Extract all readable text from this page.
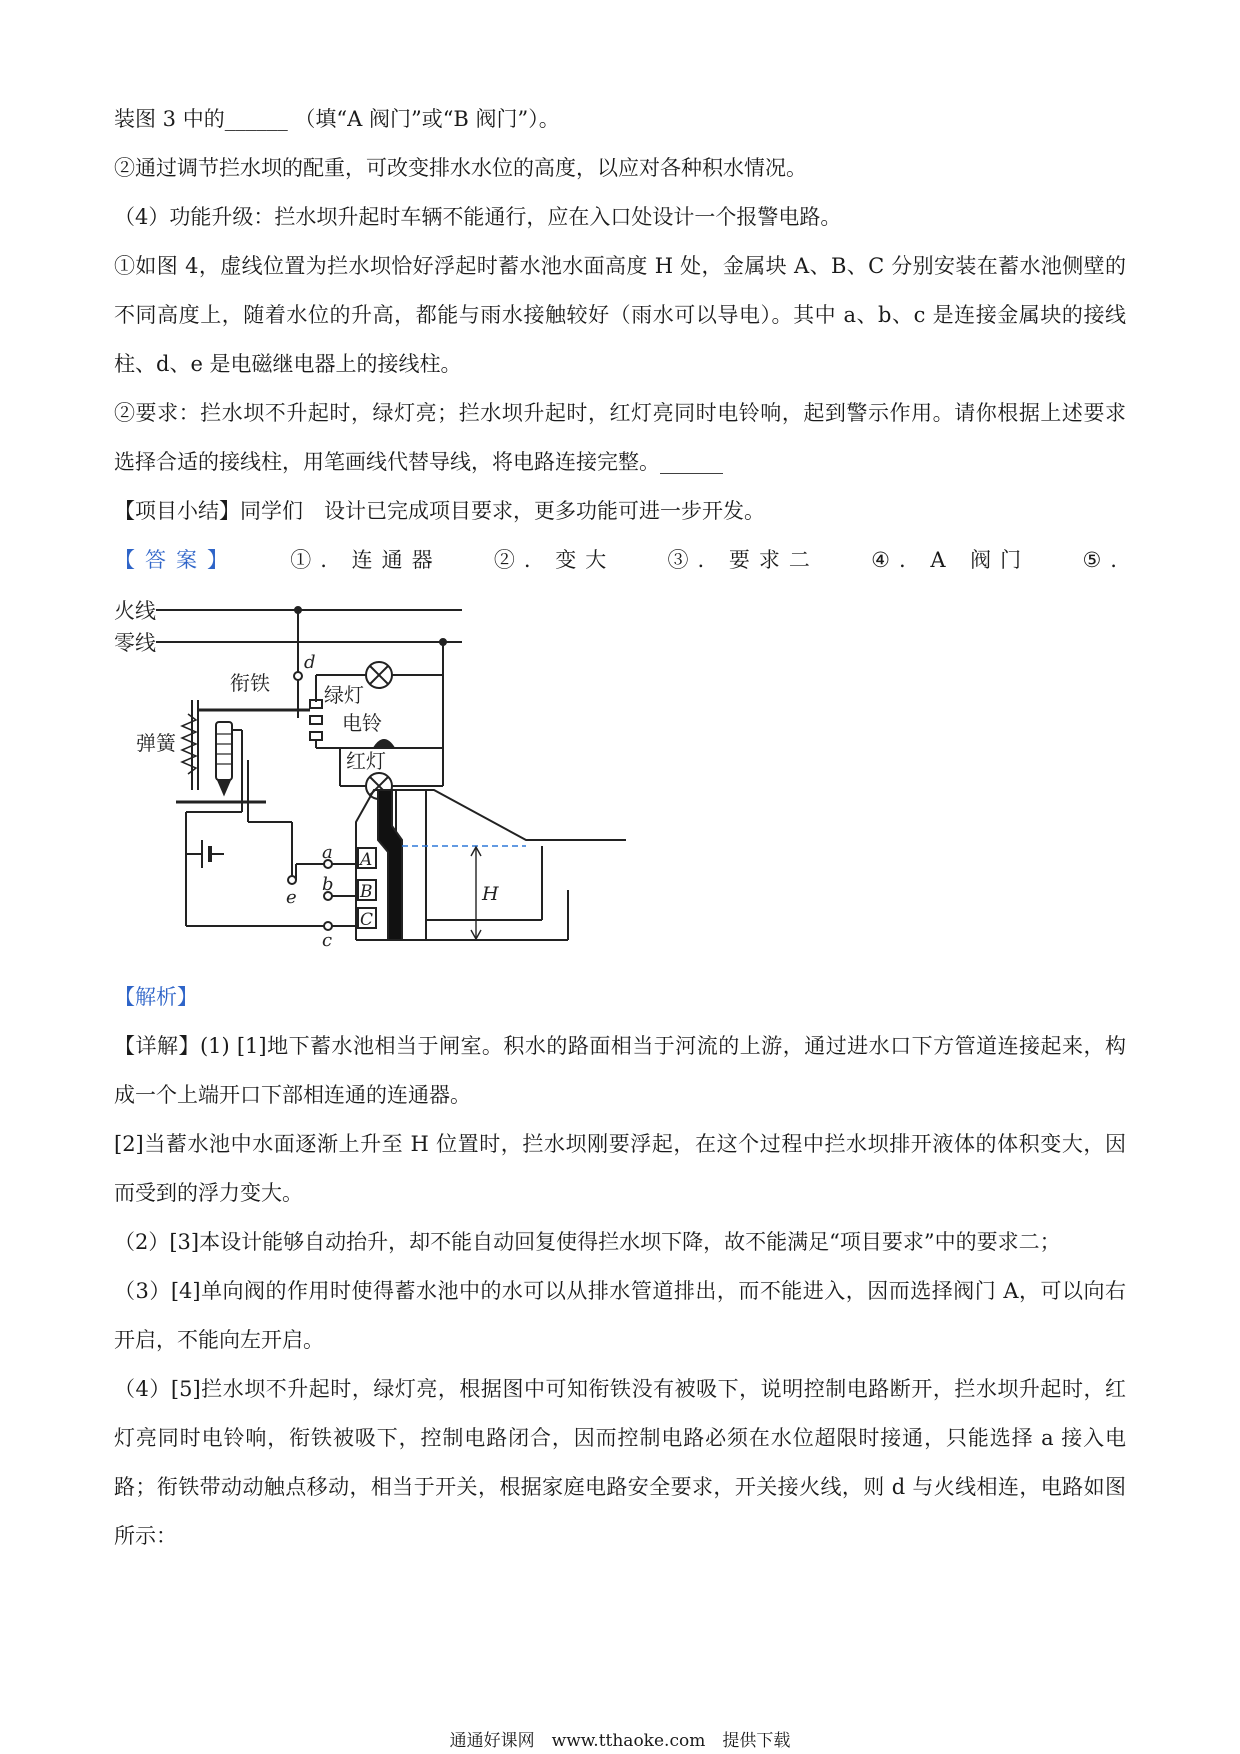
装图 3 中的______ （填“A 阀门”或“B 阀门”）。
②通过调节拦水坝的配重，可改变排水水位的高度，以应对各种积水情况。
（4）功能升级：拦水坝升起时车辆不能通行，应在入口处设计一个报警电路。
①如图 4，虚线位置为拦水坝恰好浮起时蓄水池水面高度 H 处，金属块 A、B、C 分别安装在蓄水池侧壁的
不同高度上，随着水位的升高，都能与雨水接触较好（雨水可以导电）。其中 a、b、c 是连接金属块的接线
柱、d、e 是电磁继电器上的接线柱。
②要求：拦水坝不升起时，绿灯亮；拦水坝升起时，红灯亮同时电铃响，起到警示作用。请你根据上述要求
选择合适的接线柱，用笔画线代替导线，将电路连接完整。______
【项目小结】同学们　设计已完成项目要求，更多功能可进一步开发。
【答案】 ①. 连通器 ②. 变大 ③. 要求二 ④. A 阀门 ⑤.
火线
零线
d
绿灯
电铃
红灯
衔铁
弹簧
e
a
b
c
A
B
C
H
【解析】
【详解】(1) [1]地下蓄水池相当于闸室。积水的路面相当于河流的上游，通过进水口下方管道连接起来，构
成一个上端开口下部相连通的连通器。
[2]当蓄水池中水面逐渐上升至 H 位置时，拦水坝刚要浮起，在这个过程中拦水坝排开液体的体积变大，因
而受到的浮力变大。
（2）[3]本设计能够自动抬升，却不能自动回复使得拦水坝下降，故不能满足“项目要求”中的要求二；
（3）[4]单向阀的作用时使得蓄水池中的水可以从排水管道排出，而不能进入，因而选择阀门 A，可以向右
开启，不能向左开启。
（4）[5]拦水坝不升起时，绿灯亮，根据图中可知衔铁没有被吸下，说明控制电路断开，拦水坝升起时，红
灯亮同时电铃响，衔铁被吸下，控制电路闭合，因而控制电路必须在水位超限时接通，只能选择 a 接入电
路；衔铁带动动触点移动，相当于开关，根据家庭电路安全要求，开关接火线，则 d 与火线相连，电路如图
所示：
通通好课网　www.tthaoke.com　提供下载
